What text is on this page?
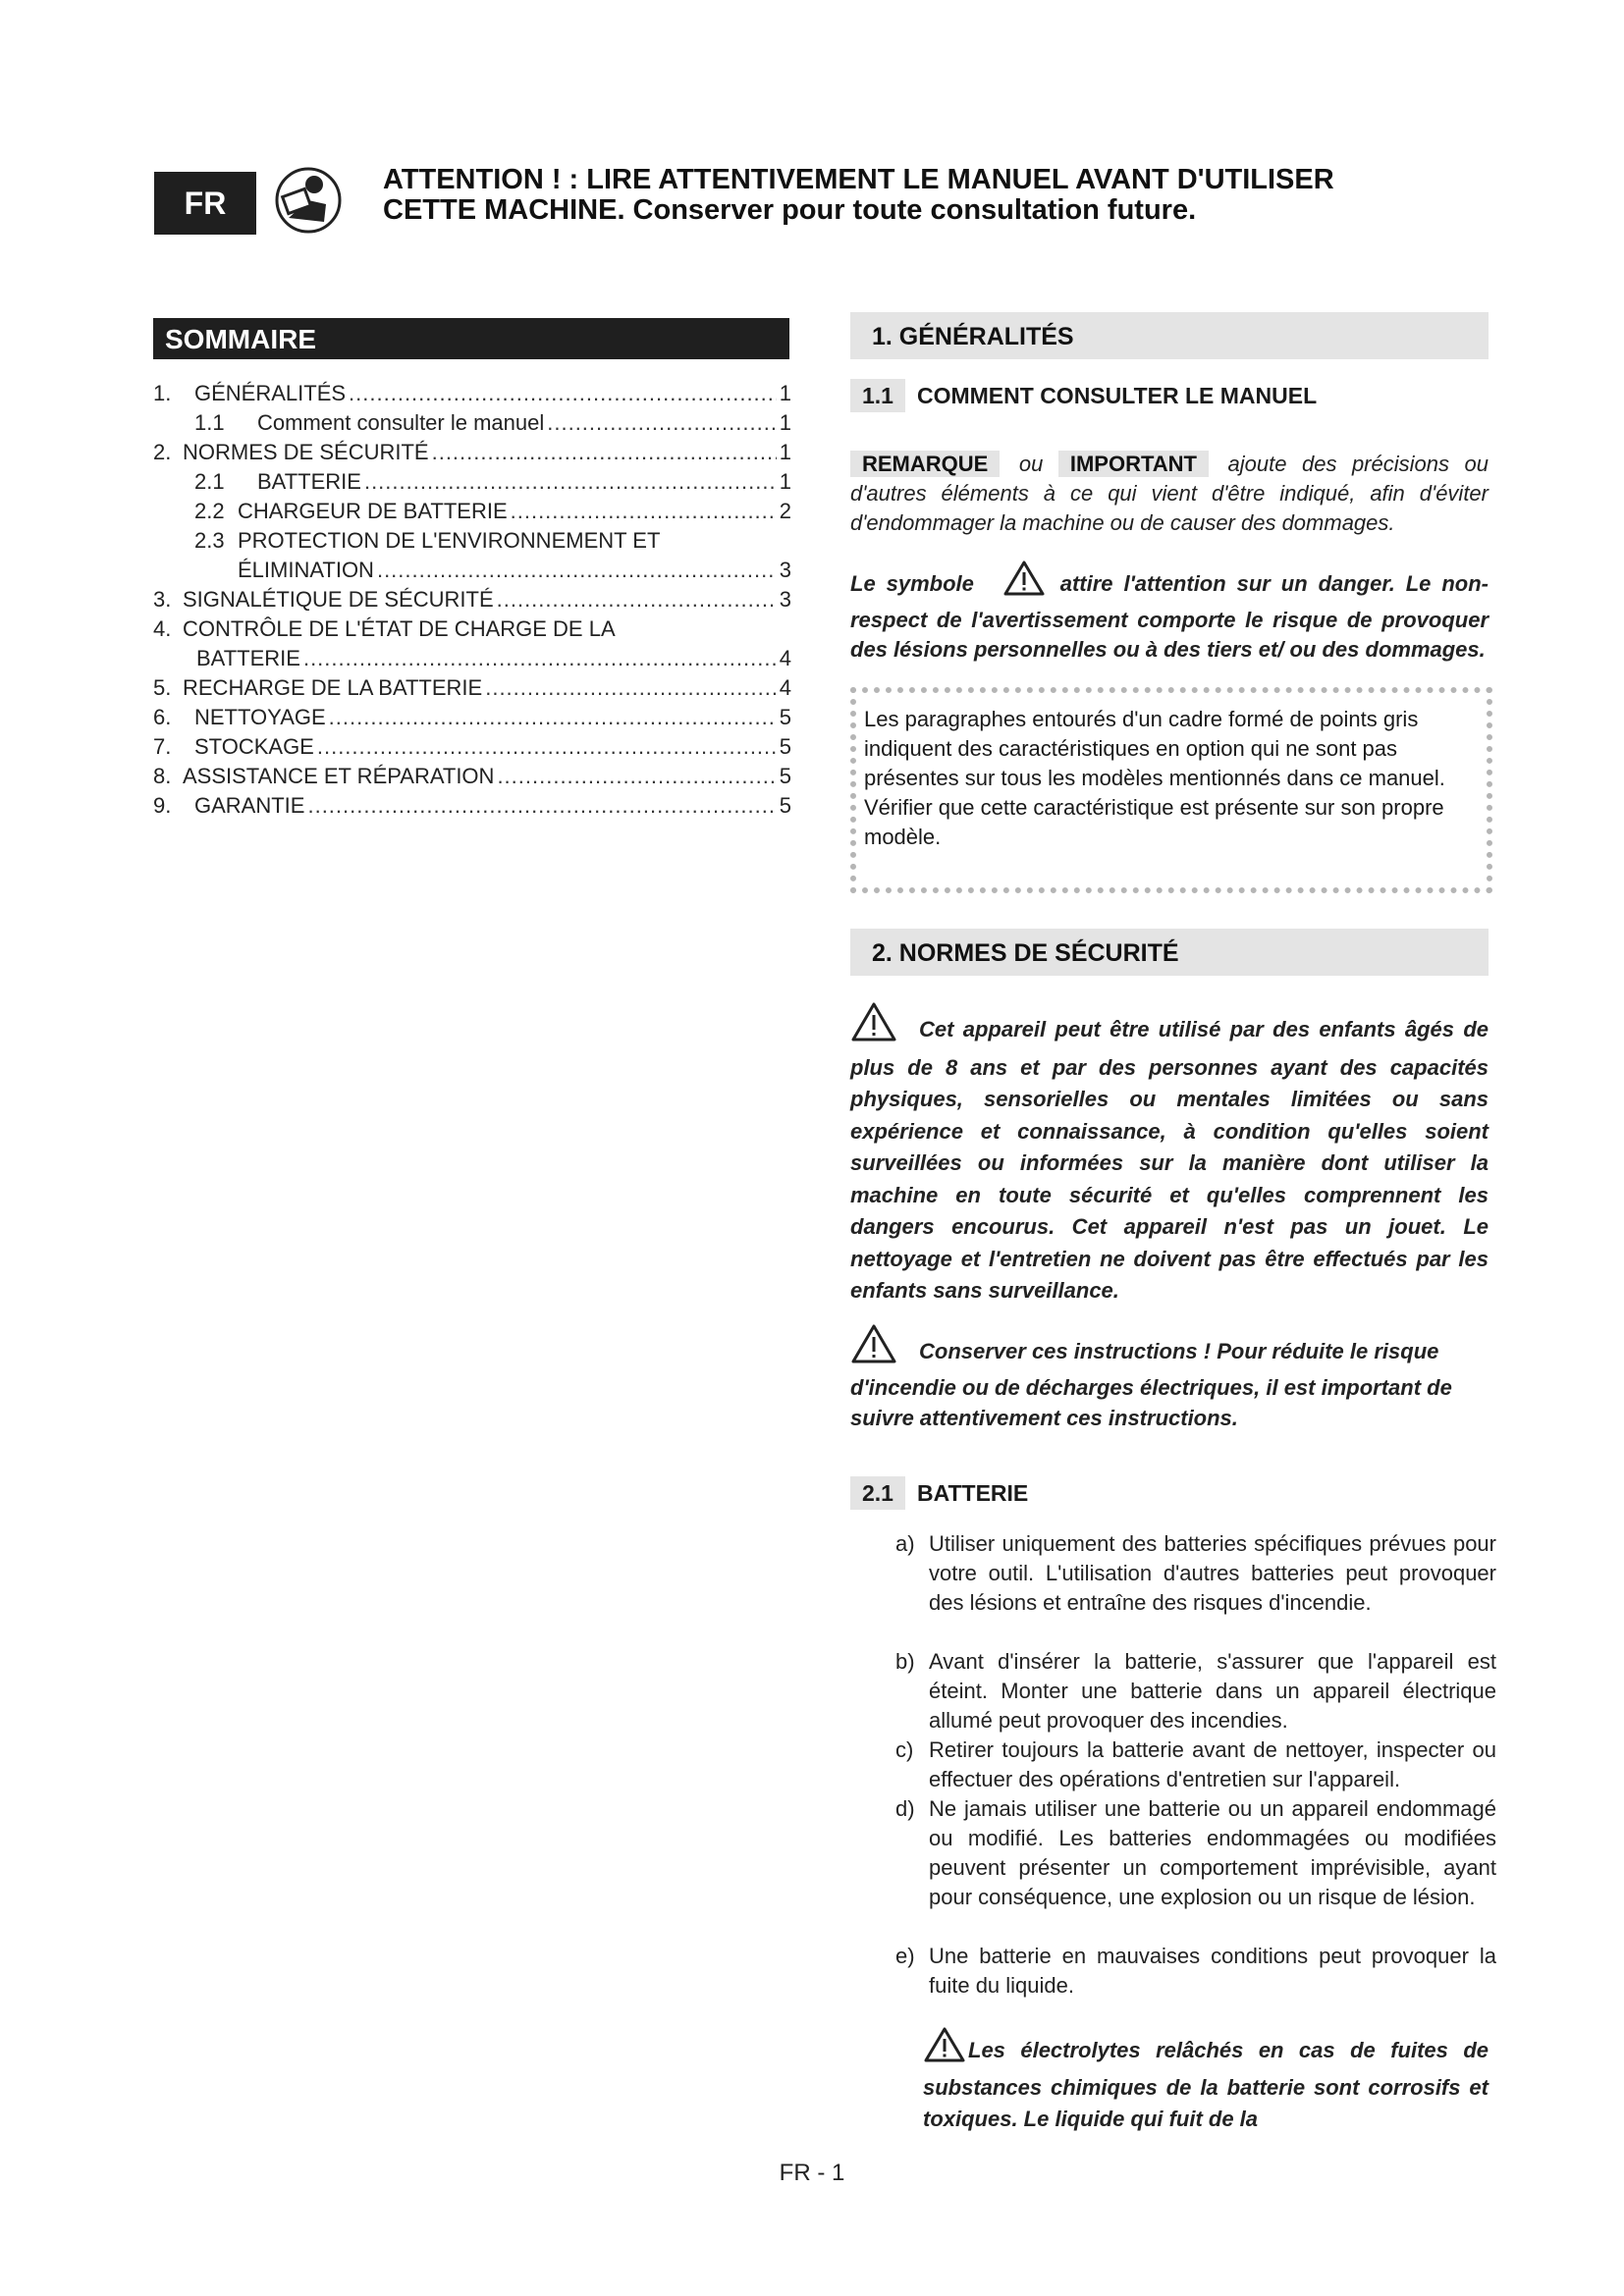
FR
ATTENTION ! : LIRE ATTENTIVEMENT LE MANUEL AVANT D'UTILISER
CETTE MACHINE. Conserver pour toute consultation future.
SOMMAIRE
1.	GÉNÉRALITÉS .....	1
1.1	Comment consulter le manuel .....	1
2. NORMES DE SÉCURITÉ .....	1
2.1	BATTERIE .....	1
2.2 CHARGEUR DE BATTERIE .....	2
2.3 PROTECTION DE L'ENVIRONNEMENT ET
ÉLIMINATION .....	3
3. SIGNALÉTIQUE DE SÉCURITÉ .....	3
4. CONTRÔLE DE L'ÉTAT DE CHARGE DE LA
BATTERIE .....	4
5. RECHARGE DE LA BATTERIE .....	4
6.	NETTOYAGE .....	5
7.	STOCKAGE .....	5
8. ASSISTANCE ET RÉPARATION .....	5
9.	GARANTIE .....	5
1. GÉNÉRALITÉS
1.1	COMMENT CONSULTER LE MANUEL
REMARQUE ou IMPORTANT ajoute des précisions ou d'autres éléments à ce qui vient d'être indiqué, afin d'éviter d'endommager la machine ou de causer des dommages.
Le symbole	attire l'attention sur un danger. Le non-respect de l'avertissement comporte le risque de provoquer des lésions personnelles ou à des tiers et/ ou des dommages.
Les paragraphes entourés d'un cadre formé de points gris indiquent des caractéristiques en option qui ne sont pas présentes sur tous les modèles mentionnés dans ce manuel. Vérifier que cette caractéristique est présente sur son propre modèle.
2. NORMES DE SÉCURITÉ
Cet appareil peut être utilisé par des enfants âgés de plus de 8 ans et par des personnes ayant des capacités physiques, sensorielles ou mentales limitées ou sans expérience et connaissance, à condition qu'elles soient surveillées ou informées sur la manière dont utiliser la machine en toute sécurité et qu'elles comprennent les dangers encourus. Cet appareil n'est pas un jouet. Le nettoyage et l'entretien ne doivent pas être effectués par les enfants sans surveillance.
Conserver ces instructions ! Pour réduite le risque d'incendie ou de décharges électriques, il est important de suivre attentivement ces instructions.
2.1	BATTERIE
a) Utiliser uniquement des batteries spécifiques prévues pour votre outil. L'utilisation d'autres batteries peut provoquer des lésions et entraîne des risques d'incendie.
b) Avant d'insérer la batterie, s'assurer que l'appareil est éteint. Monter une batterie dans un appareil électrique allumé peut provoquer des incendies.
c) Retirer toujours la batterie avant de nettoyer, inspecter ou effectuer des opérations d'entretien sur l'appareil.
d) Ne jamais utiliser une batterie ou un appareil endommagé ou modifié. Les batteries endommagées ou modifiées peuvent présenter un comportement imprévisible, ayant pour conséquence, une explosion ou un risque de lésion.
e) Une batterie en mauvaises conditions peut provoquer la fuite du liquide.
Les électrolytes relâchés en cas de fuites de substances chimiques de la batterie sont corrosifs et toxiques. Le liquide qui fuit de la
FR - 1
